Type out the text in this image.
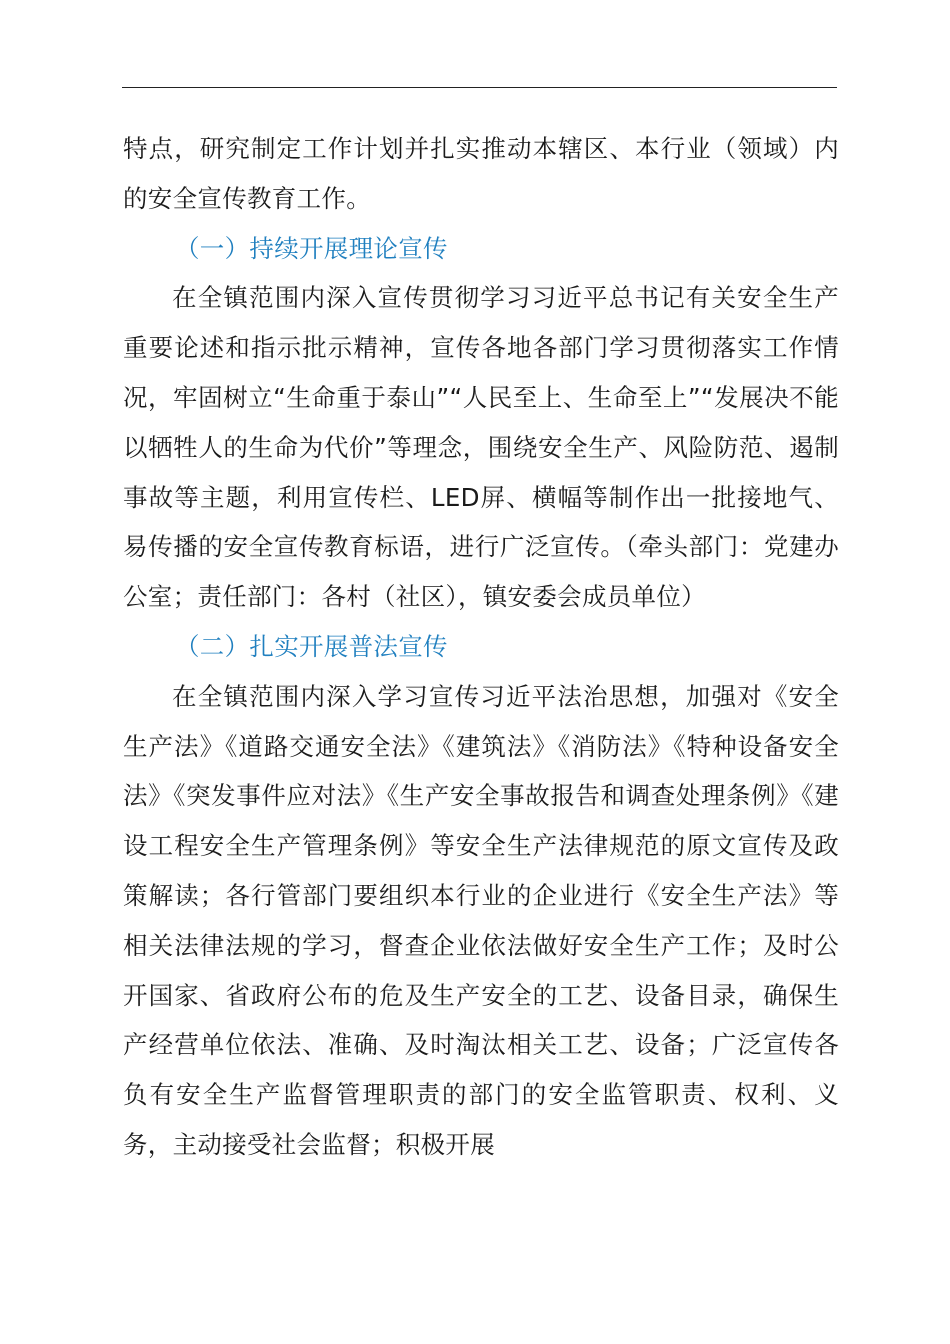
特点，研究制定工作计划并扎实推动本辖区、本行业（领域）内的安全宣传教育工作。

（一）持续开展理论宣传

在全镇范围内深入宣传贯彻学习习近平总书记有关安全生产重要论述和指示批示精神，宣传各地各部门学习贯彻落实工作情况，牢固树立“生命重于泰山”“人民至上、生命至上”“发展决不能以牺牲人的生命为代价”等理念，围绕安全生产、风险防范、遏制事故等主题，利用宣传栏、LED屏、横幅等制作出一批接地气、易传播的安全宣传教育标语，进行广泛宣传。（牵头部门：党建办公室；责任部门：各村（社区），镇安委会成员单位）

（二）扎实开展普法宣传

在全镇范围内深入学习宣传习近平法治思想，加强对《安全生产法》《道路交通安全法》《建筑法》《消防法》《特种设备安全法》《突发事件应对法》《生产安全事故报告和调查处理条例》《建设工程安全生产管理条例》等安全生产法律规范的原文宣传及政策解读；各行管部门要组织本行业的企业进行《安全生产法》等相关法律法规的学习，督查企业依法做好安全生产工作；及时公开国家、省政府公布的危及生产安全的工艺、设备目录，确保生产经营单位依法、准确、及时淘汰相关工艺、设备；广泛宣传各负有安全生产监督管理职责的部门的安全监管职责、权利、义务，主动接受社会监督；积极开展
